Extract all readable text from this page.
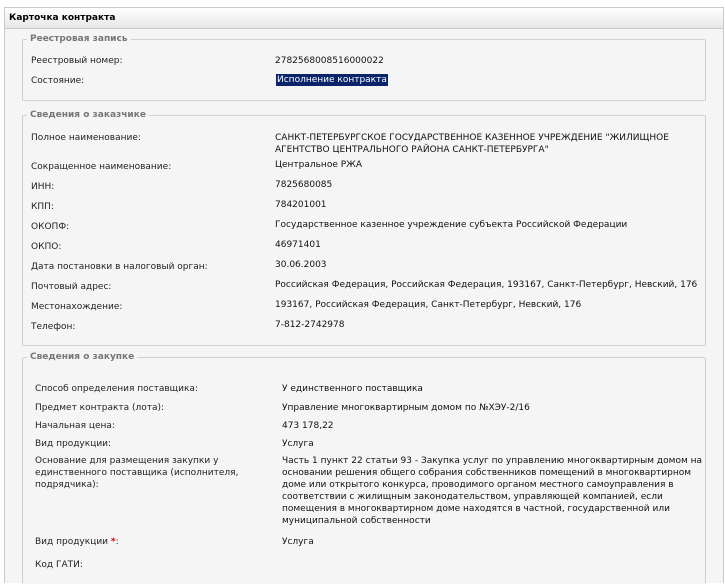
Карточка контракта
Реестровая запись
Реестровый номер:	2782568008516000022
Состояние:	Исполнение контракта
Сведения о заказчике
Полное наименование:	САНКТ-ПЕТЕРБУРГСКОЕ ГОСУДАРСТВЕННОЕ КАЗЕННОЕ УЧРЕЖДЕНИЕ "ЖИЛИЩНОЕ АГЕНТСТВО ЦЕНТРАЛЬНОГО РАЙОНА САНКТ-ПЕТЕРБУРГА"
Сокращенное наименование:	Центральное РЖА
ИНН:	7825680085
КПП:	784201001
ОКОПФ:	Государственное казенное учреждение субъекта Российской Федерации
ОКПО:	46971401
Дата постановки в налоговый орган:	30.06.2003
Почтовый адрес:	Российская Федерация, Российская Федерация, 193167, Санкт-Петербург, Невский, 176
Местонахождение:	193167, Российская Федерация, Санкт-Петербург, Невский, 176
Телефон:	7-812-2742978
Сведения о закупке
Способ определения поставщика:	У единственного поставщика
Предмет контракта (лота):	Управление многоквартирным домом по №ХЭУ-2/16
Начальная цена:	473 178,22
Вид продукции:	Услуга
Основание для размещения закупки у единственного поставщика (исполнителя, подрядчика):
Часть 1 пункт 22 статьи 93 - Закупка услуг по управлению многоквартирным домом на основании решения общего собрания собственников помещений в многоквартирном доме или открытого конкурса, проводимого органом местного самоуправления в соответствии с жилищным законодательством, управляющей компанией, если помещения в многоквартирном доме находятся в частной, государственной или муниципальной собственности
Вид продукции *:	Услуга
Код ГАТИ:
